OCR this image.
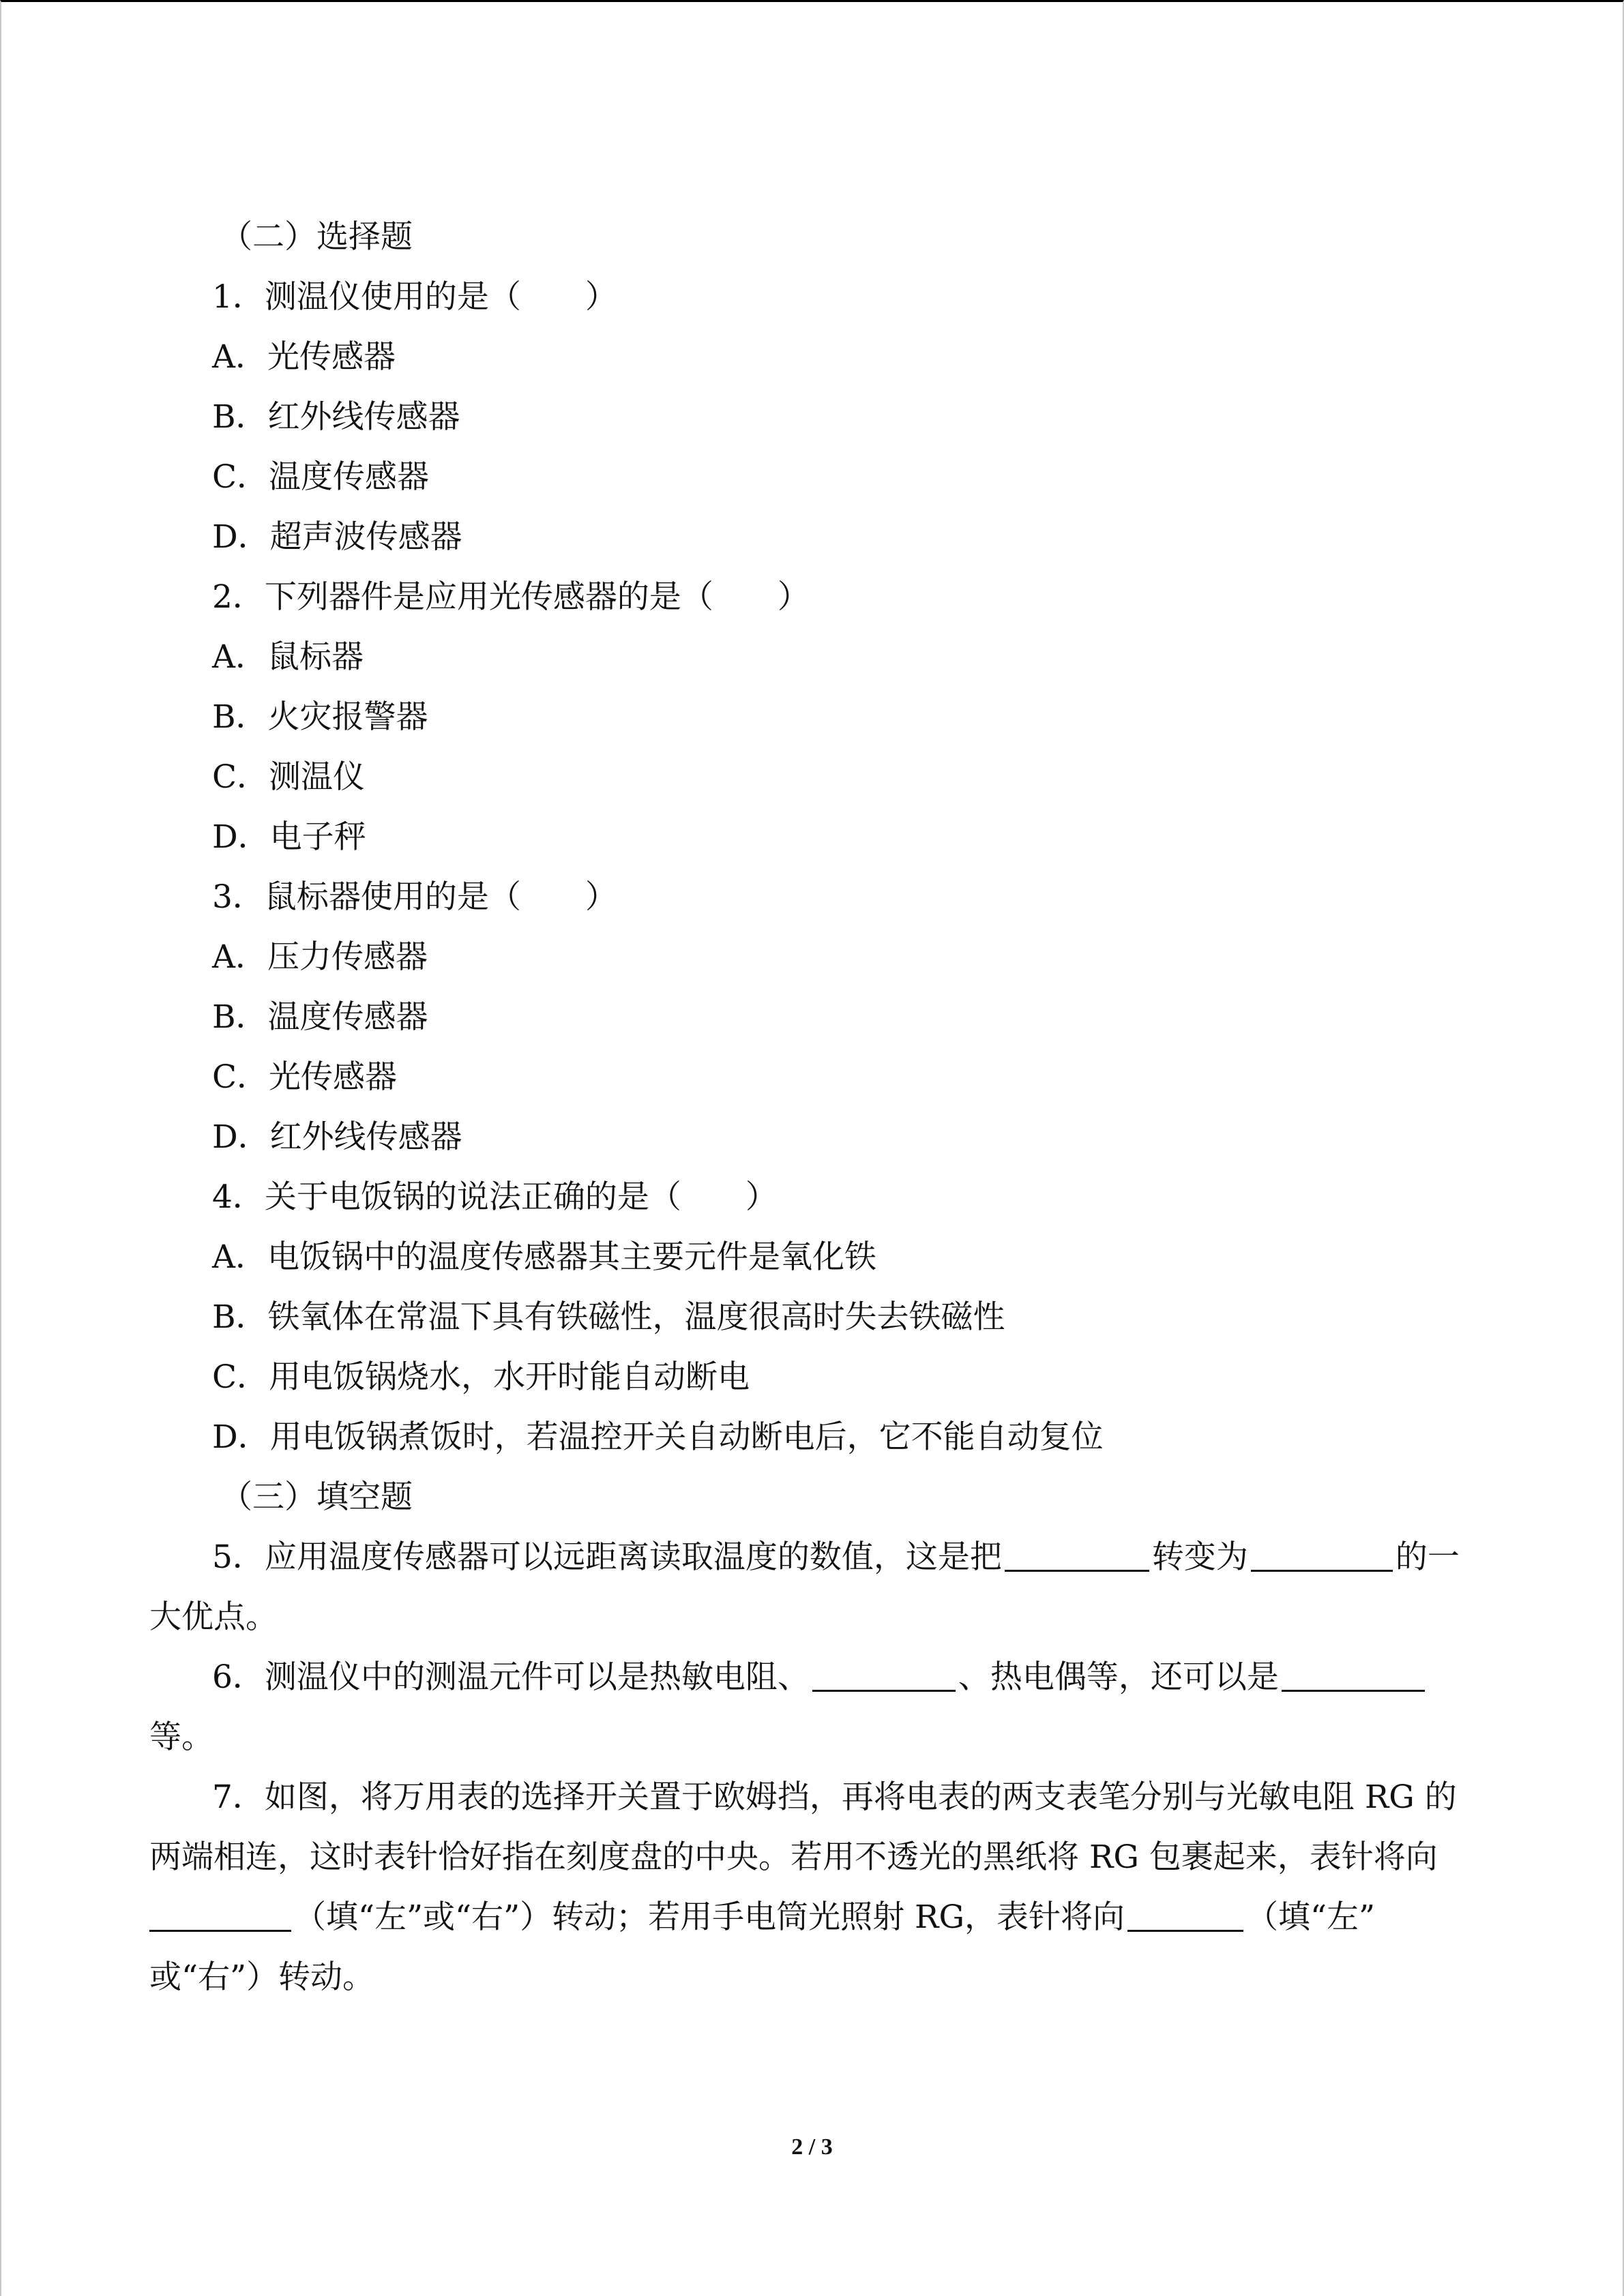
（二）选择题
1．测温仪使用的是（　　）
A．光传感器
B．红外线传感器
C．温度传感器
D．超声波传感器
2．下列器件是应用光传感器的是（　　）
A．鼠标器
B．火灾报警器
C．测温仪
D．电子秤
3．鼠标器使用的是（　　）
A．压力传感器
B．温度传感器
C．光传感器
D．红外线传感器
4．关于电饭锅的说法正确的是（　　）
A．电饭锅中的温度传感器其主要元件是氧化铁
B．铁氧体在常温下具有铁磁性，温度很高时失去铁磁性
C．用电饭锅烧水，水开时能自动断电
D．用电饭锅煮饭时，若温控开关自动断电后，它不能自动复位
（三）填空题
5．应用温度传感器可以远距离读取温度的数值，这是把	转变为	的一
大优点。
6．测温仪中的测温元件可以是热敏电阻、	、热电偶等，还可以是
等。
7．如图，将万用表的选择开关置于欧姆挡，再将电表的两支表笔分别与光敏电阻 RG 的
两端相连，这时表针恰好指在刻度盘的中央。若用不透光的黑纸将 RG 包裹起来，表针将向
（填“左”或“右”）转动；若用手电筒光照射 RG，表针将向	（填“左”
或“右”）转动。
2 / 3
